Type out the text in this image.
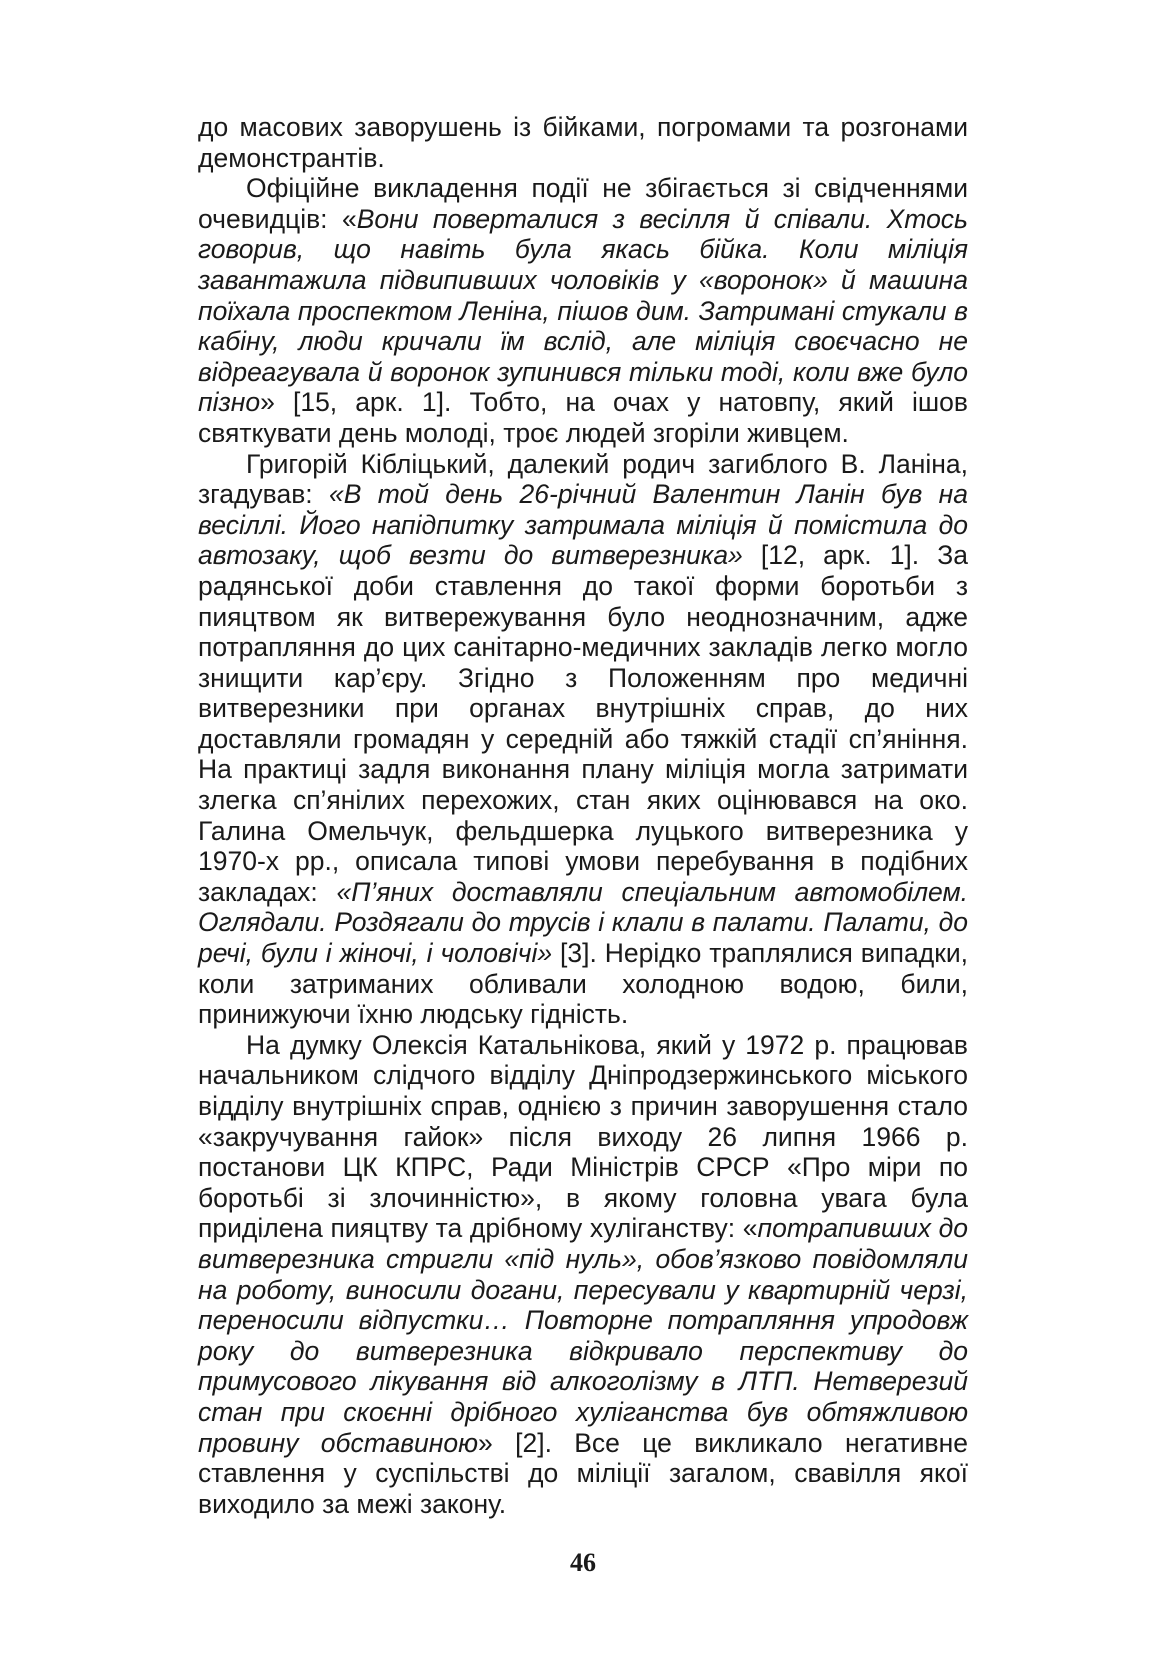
до масових заворушень із бійками, погромами та розгонами демонстрантів.

Офіційне викладення події не збігається зі свідченнями очевидців: «Вони поверталися з весілля й співали. Хтось говорив, що навіть була якась бійка. Коли міліція завантажила підвипивших чоловіків у «воронок» й машина поїхала проспектом Леніна, пішов дим. Затримані стукали в кабіну, люди кричали їм вслід, але міліція своєчасно не відреагувала й воронок зупинився тільки тоді, коли вже було пізно» [15, арк. 1]. Тобто, на очах у натовпу, який ішов святкувати день молоді, троє людей згоріли живцем.

Григорій Кібліцький, далекий родич загиблого В. Ланіна, згадував: «В той день 26-річний Валентин Ланін був на весіллі. Його напідпитку затримала міліція й помістила до автозаку, щоб везти до витверезника» [12, арк. 1]. За радянської доби ставлення до такої форми боротьби з пияцтвом як витвережування було неоднозначним, адже потрапляння до цих санітарно-медичних закладів легко могло знищити кар’єру. Згідно з Положенням про медичні витверезники при органах внутрішніх справ, до них доставляли громадян у середній або тяжкій стадії сп’яніння. На практиці задля виконання плану міліція могла затримати злегка сп’янілих перехожих, стан яких оцінювався на око. Галина Омельчук, фельдшерка луцького витверезника у 1970-х рр., описала типові умови перебування в подібних закладах: «П’яних доставляли спеціальним автомобілем. Оглядали. Роздягали до трусів і клали в палати. Палати, до речі, були і жіночі, і чоловічі» [3]. Нерідко траплялися випадки, коли затриманих обливали холодною водою, били, принижуючи їхню людську гідність.

На думку Олексія Катальнікова, який у 1972 р. працював начальником слідчого відділу Дніпродзержинського міського відділу внутрішніх справ, однією з причин заворушення стало «закручування гайок» після виходу 26 липня 1966 р. постанови ЦК КПРС, Ради Міністрів СРСР «Про міри по боротьбі зі злочинністю», в якому головна увага була приділена пияцтву та дрібному хуліганству: «потрапивших до витверезника стригли «під нуль», обов’язково повідомляли на роботу, виносили догани, пересували у квартирній черзі, переносили відпустки… Повторне потрапляння упродовж року до витверезника відкривало перспективу до примусового лікування від алкоголізму в ЛТП. Нетверезий стан при скоєнні дрібного хуліганства був обтяжливою провину обставиною» [2]. Все це викликало негативне ставлення у суспільстві до міліції загалом, свавілля якої виходило за межі закону.

46
